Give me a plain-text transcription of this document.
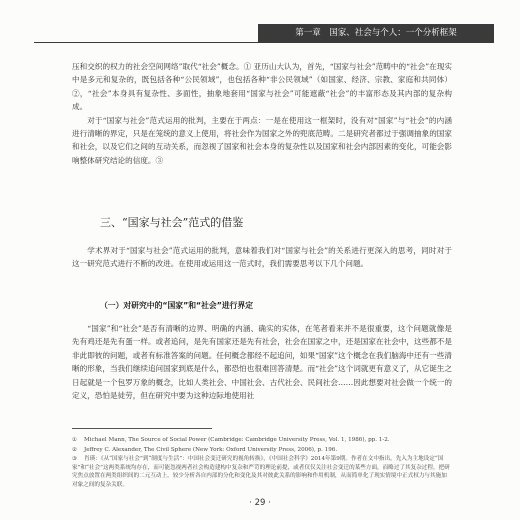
第一章　国家、社会与个人：一个分析框架
压和交织的权力的社会空间网络”取代“社会”概念。① 亚历山大认为，首先，“国家与社会”范畴中的“社会”在现实中是多元和复杂的，既包括各种“公民领域”，也包括各种“非公民领域”（如国家、经济、宗教、家庭和共同体）②，“社会”本身具有复杂性、多面性，抽象地套用“国家与社会”可能遮蔽“社会”的丰富形态及其内部的复杂构成。
对于“国家与社会”范式运用的批判，主要在于两点：一是在使用这一框架时，没有对“国家”与“社会”的内涵进行清晰的界定，只是在笼统的意义上使用，将社会作为国家之外的兜底范畴。二是研究者都过于强调抽象的国家和社会，以及它们之间的互动关系，而忽视了国家和社会本身的复杂性以及国家和社会内部因素的变化，可能会影响整体研究结论的信度。③
三、“国家与社会”范式的借鉴
学术界对于“国家与社会”范式运用的批判，意味着我们对“国家与社会”的关系进行更深入的思考，同时对于这一研究范式进行不断的改进。在使用或运用这一范式时，我们需要思考以下几个问题。
（一）对研究中的“国家”和“社会”进行界定
“国家”和“社会”是否有清晰的边界、明确的内涵、确实的实体，在笔者看来并不是很重要，这个问题就像是先有鸡还是先有蛋一样。或者追问，是先有国家还是先有社会，社会在国家之中，还是国家在社会中，这些都不是非此即彼的问题，或者有标准答案的问题。任何概念都经不起追问，如果“国家”这个概念在我们脑海中还有一些清晰的形象，当我们继续追问国家到底是什么，都恐怕也很难回答清楚。而“社会”这个词就更有意义了，从它诞生之日起就是一个包罗万象的概念，比如人类社会、中国社会、古代社会、民间社会……因此想要对社会做一个统一的定义，恐怕是徒劳，但在研究中要为这种边际地使用社
① Michael Mann, The Source of Social Power (Cambridge: Cambridge University Press, Vol. 1, 1986), pp. 1-2.
② Jeffrey C. Alexander, The Civil Sphere (New York: Oxford University Press, 2006), p. 196.
③ 肖瑛：《从“国家与社会”到“制度与生活”：中国社会变迁研究的视角转换》，《中国社会科学》2014年第9期。作者在文中指出，先入为主地设定“国家”和“社会”这两类系统均存在，而可能忽视两者社会构造建构中复杂和严苛的理论前提，或者仅仅关注社会变迁的某些方面，而略过了其复杂过程，把研究焦点放置在两类组织间的二元互动上，较少分析各自内部的分化和变化及其对彼此关系的影响和作用机制，从而简单化了现实情境中正式权力与其施加对象之间的复杂关联。
· 29 ·
